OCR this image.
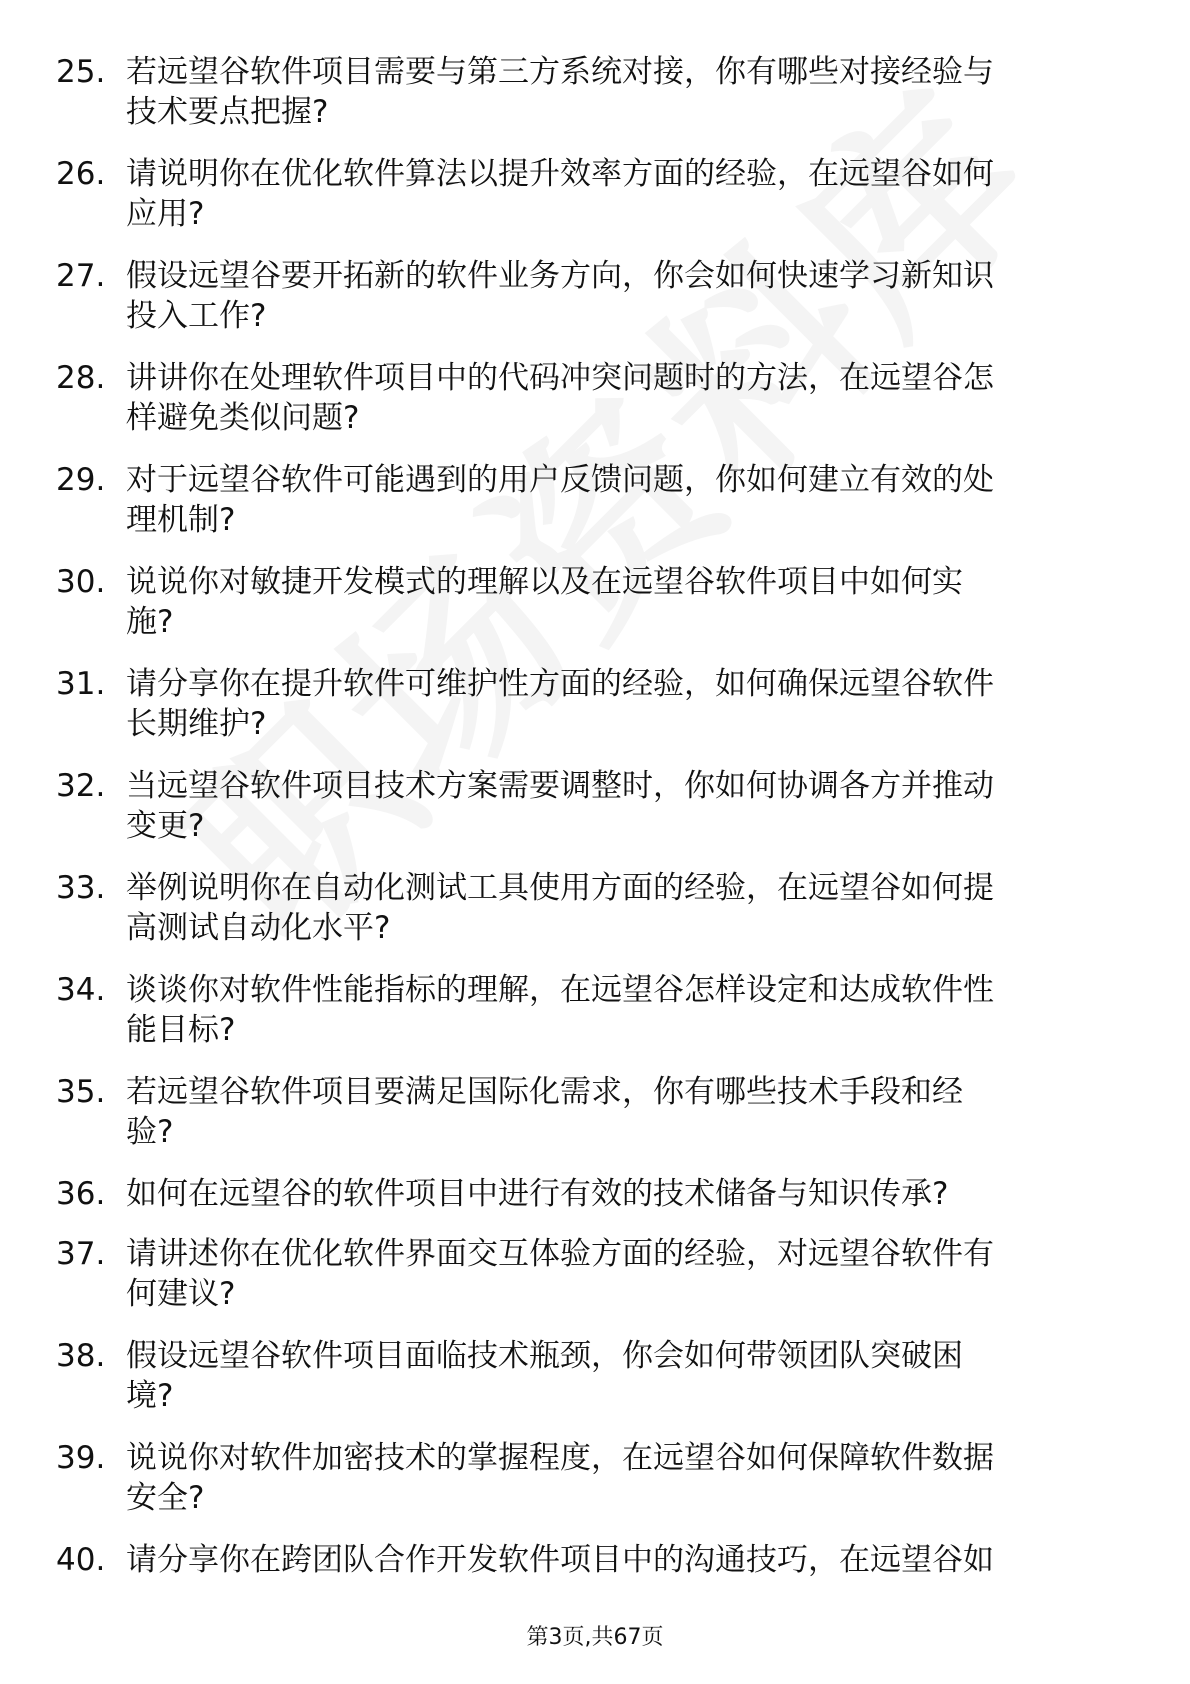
25. 若远望谷软件项目需要与第三方系统对接，你有哪些对接经验与
技术要点把握?
26. 请说明你在优化软件算法以提升效率方面的经验，在远望谷如何
应用?
27. 假设远望谷要开拓新的软件业务方向，你会如何快速学习新知识
投入工作?
28. 讲讲你在处理软件项目中的代码冲突问题时的方法，在远望谷怎
样避免类似问题?
29. 对于远望谷软件可能遇到的用户反馈问题，你如何建立有效的处
理机制?
30. 说说你对敏捷开发模式的理解以及在远望谷软件项目中如何实
施?
31. 请分享你在提升软件可维护性方面的经验，如何确保远望谷软件
长期维护?
32. 当远望谷软件项目技术方案需要调整时，你如何协调各方并推动
变更?
33. 举例说明你在自动化测试工具使用方面的经验，在远望谷如何提
高测试自动化水平?
34. 谈谈你对软件性能指标的理解，在远望谷怎样设定和达成软件性
能目标?
35. 若远望谷软件项目要满足国际化需求，你有哪些技术手段和经
验?
36. 如何在远望谷的软件项目中进行有效的技术储备与知识传承?
37. 请讲述你在优化软件界面交互体验方面的经验，对远望谷软件有
何建议?
38. 假设远望谷软件项目面临技术瓶颈，你会如何带领团队突破困
境?
39. 说说你对软件加密技术的掌握程度，在远望谷如何保障软件数据
安全?
40. 请分享你在跨团队合作开发软件项目中的沟通技巧，在远望谷如
第3页,共67页
